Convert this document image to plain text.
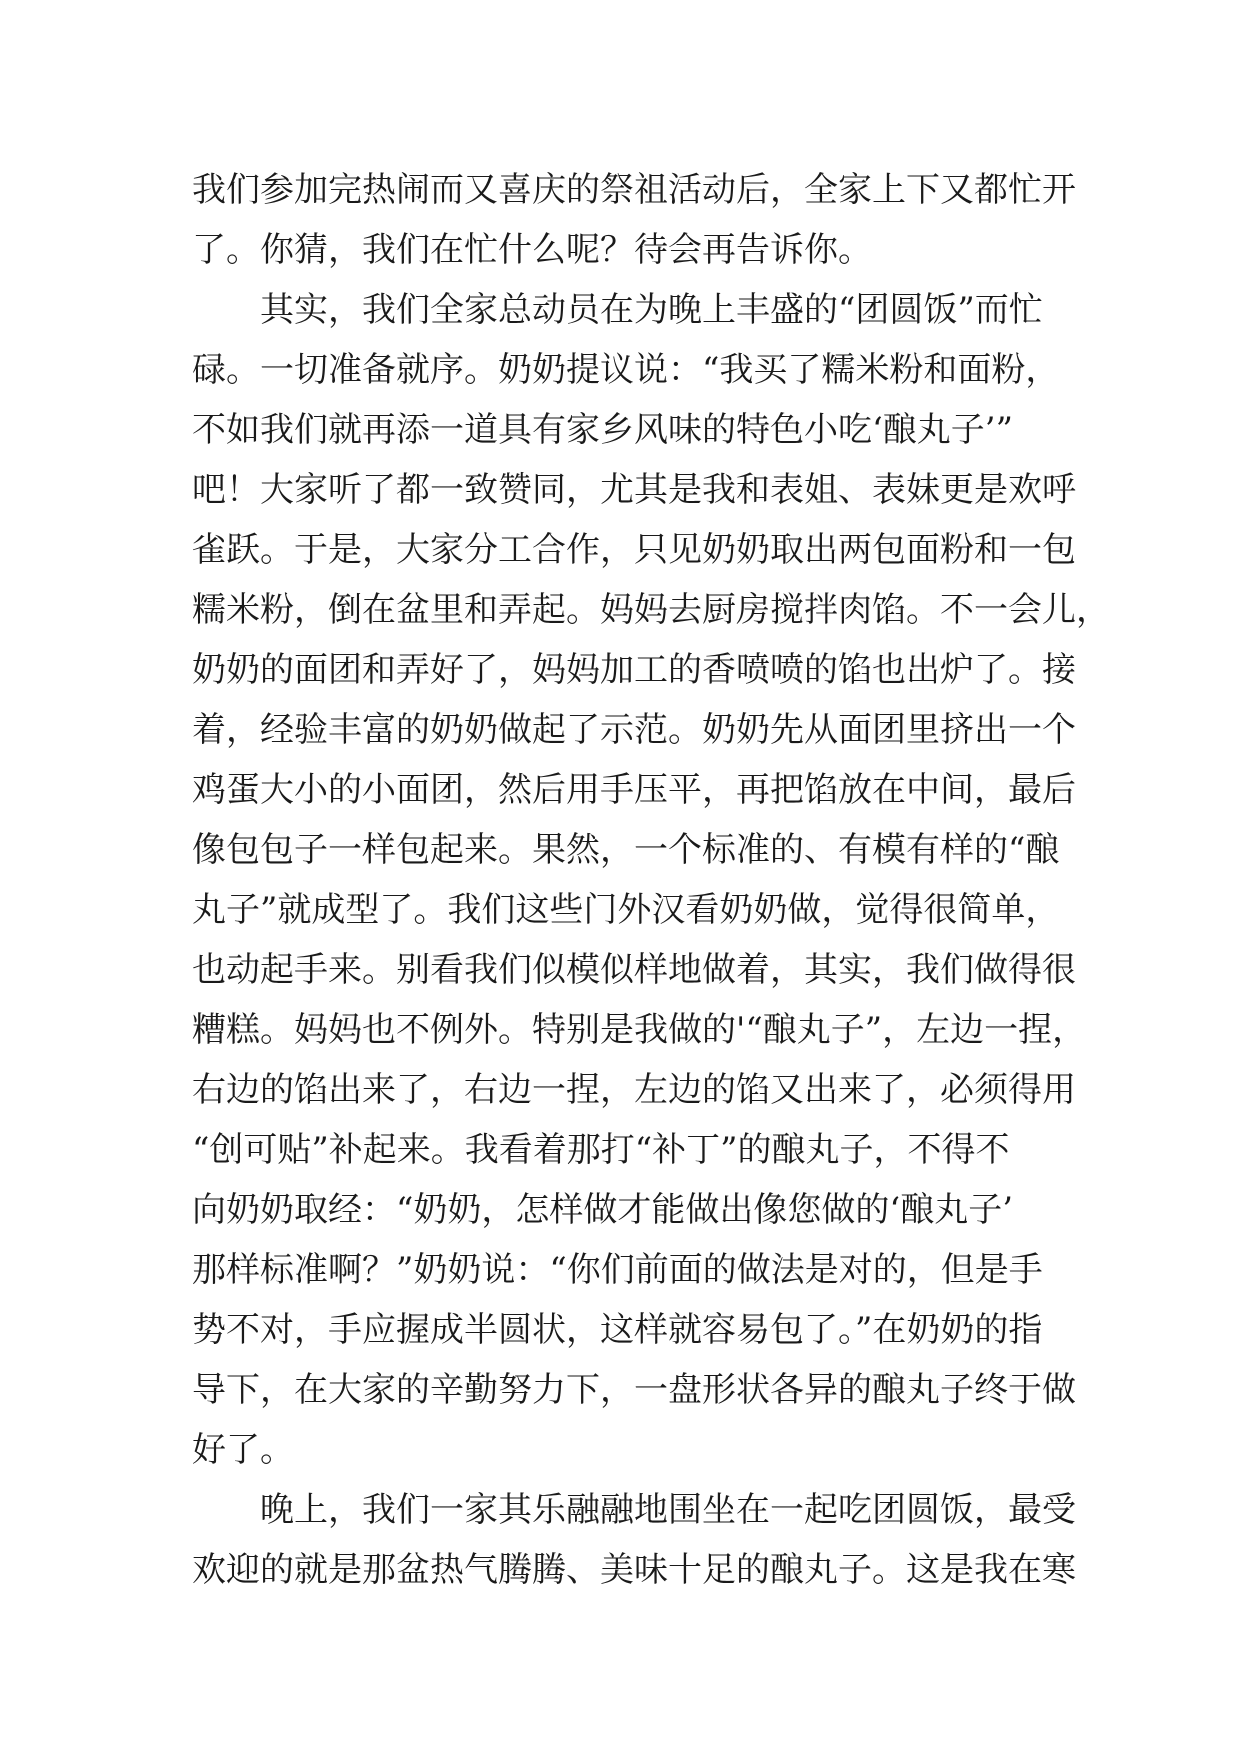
我们参加完热闹而又喜庆的祭祖活动后，全家上下又都忙开
了。你猜，我们在忙什么呢？待会再告诉你。
其实，我们全家总动员在为晚上丰盛的“团圆饭”而忙
碌。一切准备就序。奶奶提议说：“我买了糯米粉和面粉，
不如我们就再添一道具有家乡风味的特色小吃‘酿丸子’”
吧！大家听了都一致赞同，尤其是我和表姐、表妹更是欢呼
雀跃。于是，大家分工合作，只见奶奶取出两包面粉和一包
糯米粉，倒在盆里和弄起。妈妈去厨房搅拌肉馅。不一会儿，
奶奶的面团和弄好了，妈妈加工的香喷喷的馅也出炉了。接
着，经验丰富的奶奶做起了示范。奶奶先从面团里挤出一个
鸡蛋大小的小面团，然后用手压平，再把馅放在中间，最后
像包包子一样包起来。果然，一个标准的、有模有样的“酿
丸子”就成型了。我们这些门外汉看奶奶做，觉得很简单，
也动起手来。别看我们似模似样地做着，其实，我们做得很
糟糕。妈妈也不例外。特别是我做的'“酿丸子”，左边一捏，
右边的馅出来了，右边一捏，左边的馅又出来了，必须得用
“创可贴”补起来。我看着那打“补丁”的酿丸子，不得不
向奶奶取经：“奶奶，怎样做才能做出像您做的‘酿丸子’
那样标准啊？”奶奶说：“你们前面的做法是对的，但是手
势不对，手应握成半圆状，这样就容易包了。”在奶奶的指
导下，在大家的辛勤努力下，一盘形状各异的酿丸子终于做
好了。
晚上，我们一家其乐融融地围坐在一起吃团圆饭，最受
欢迎的就是那盆热气腾腾、美味十足的酿丸子。这是我在寒
